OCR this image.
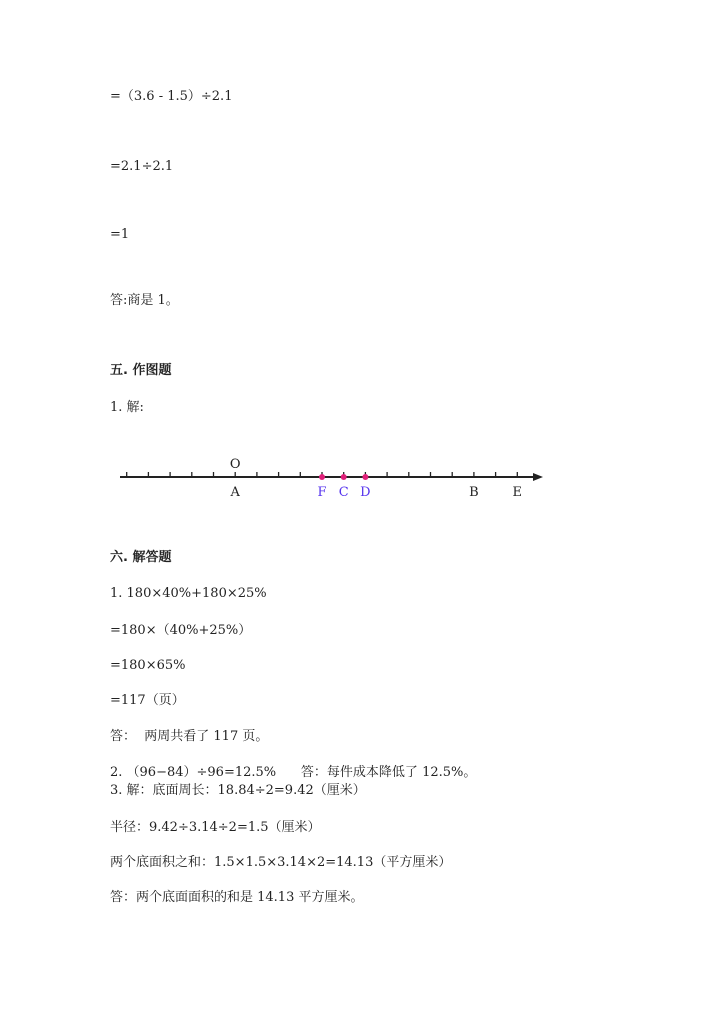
=（3.6 - 1.5）÷2.1
=2.1÷2.1
=1
答:商是 1。
五. 作图题
1. 解:
A	F C D	B	E
O
六. 解答题
1. 180×40%+180×25%
=180×（40%+25%）
=180×65%
=117（页）
答：  两周共看了 117 页。
2. （96−84）÷96=12.5%      答：每件成本降低了 12.5%。
3. 解：底面周长：18.84÷2=9.42（厘米）
半径：9.42÷3.14÷2=1.5（厘米）
两个底面积之和：1.5×1.5×3.14×2=14.13（平方厘米）
答：两个底面面积的和是 14.13 平方厘米。
